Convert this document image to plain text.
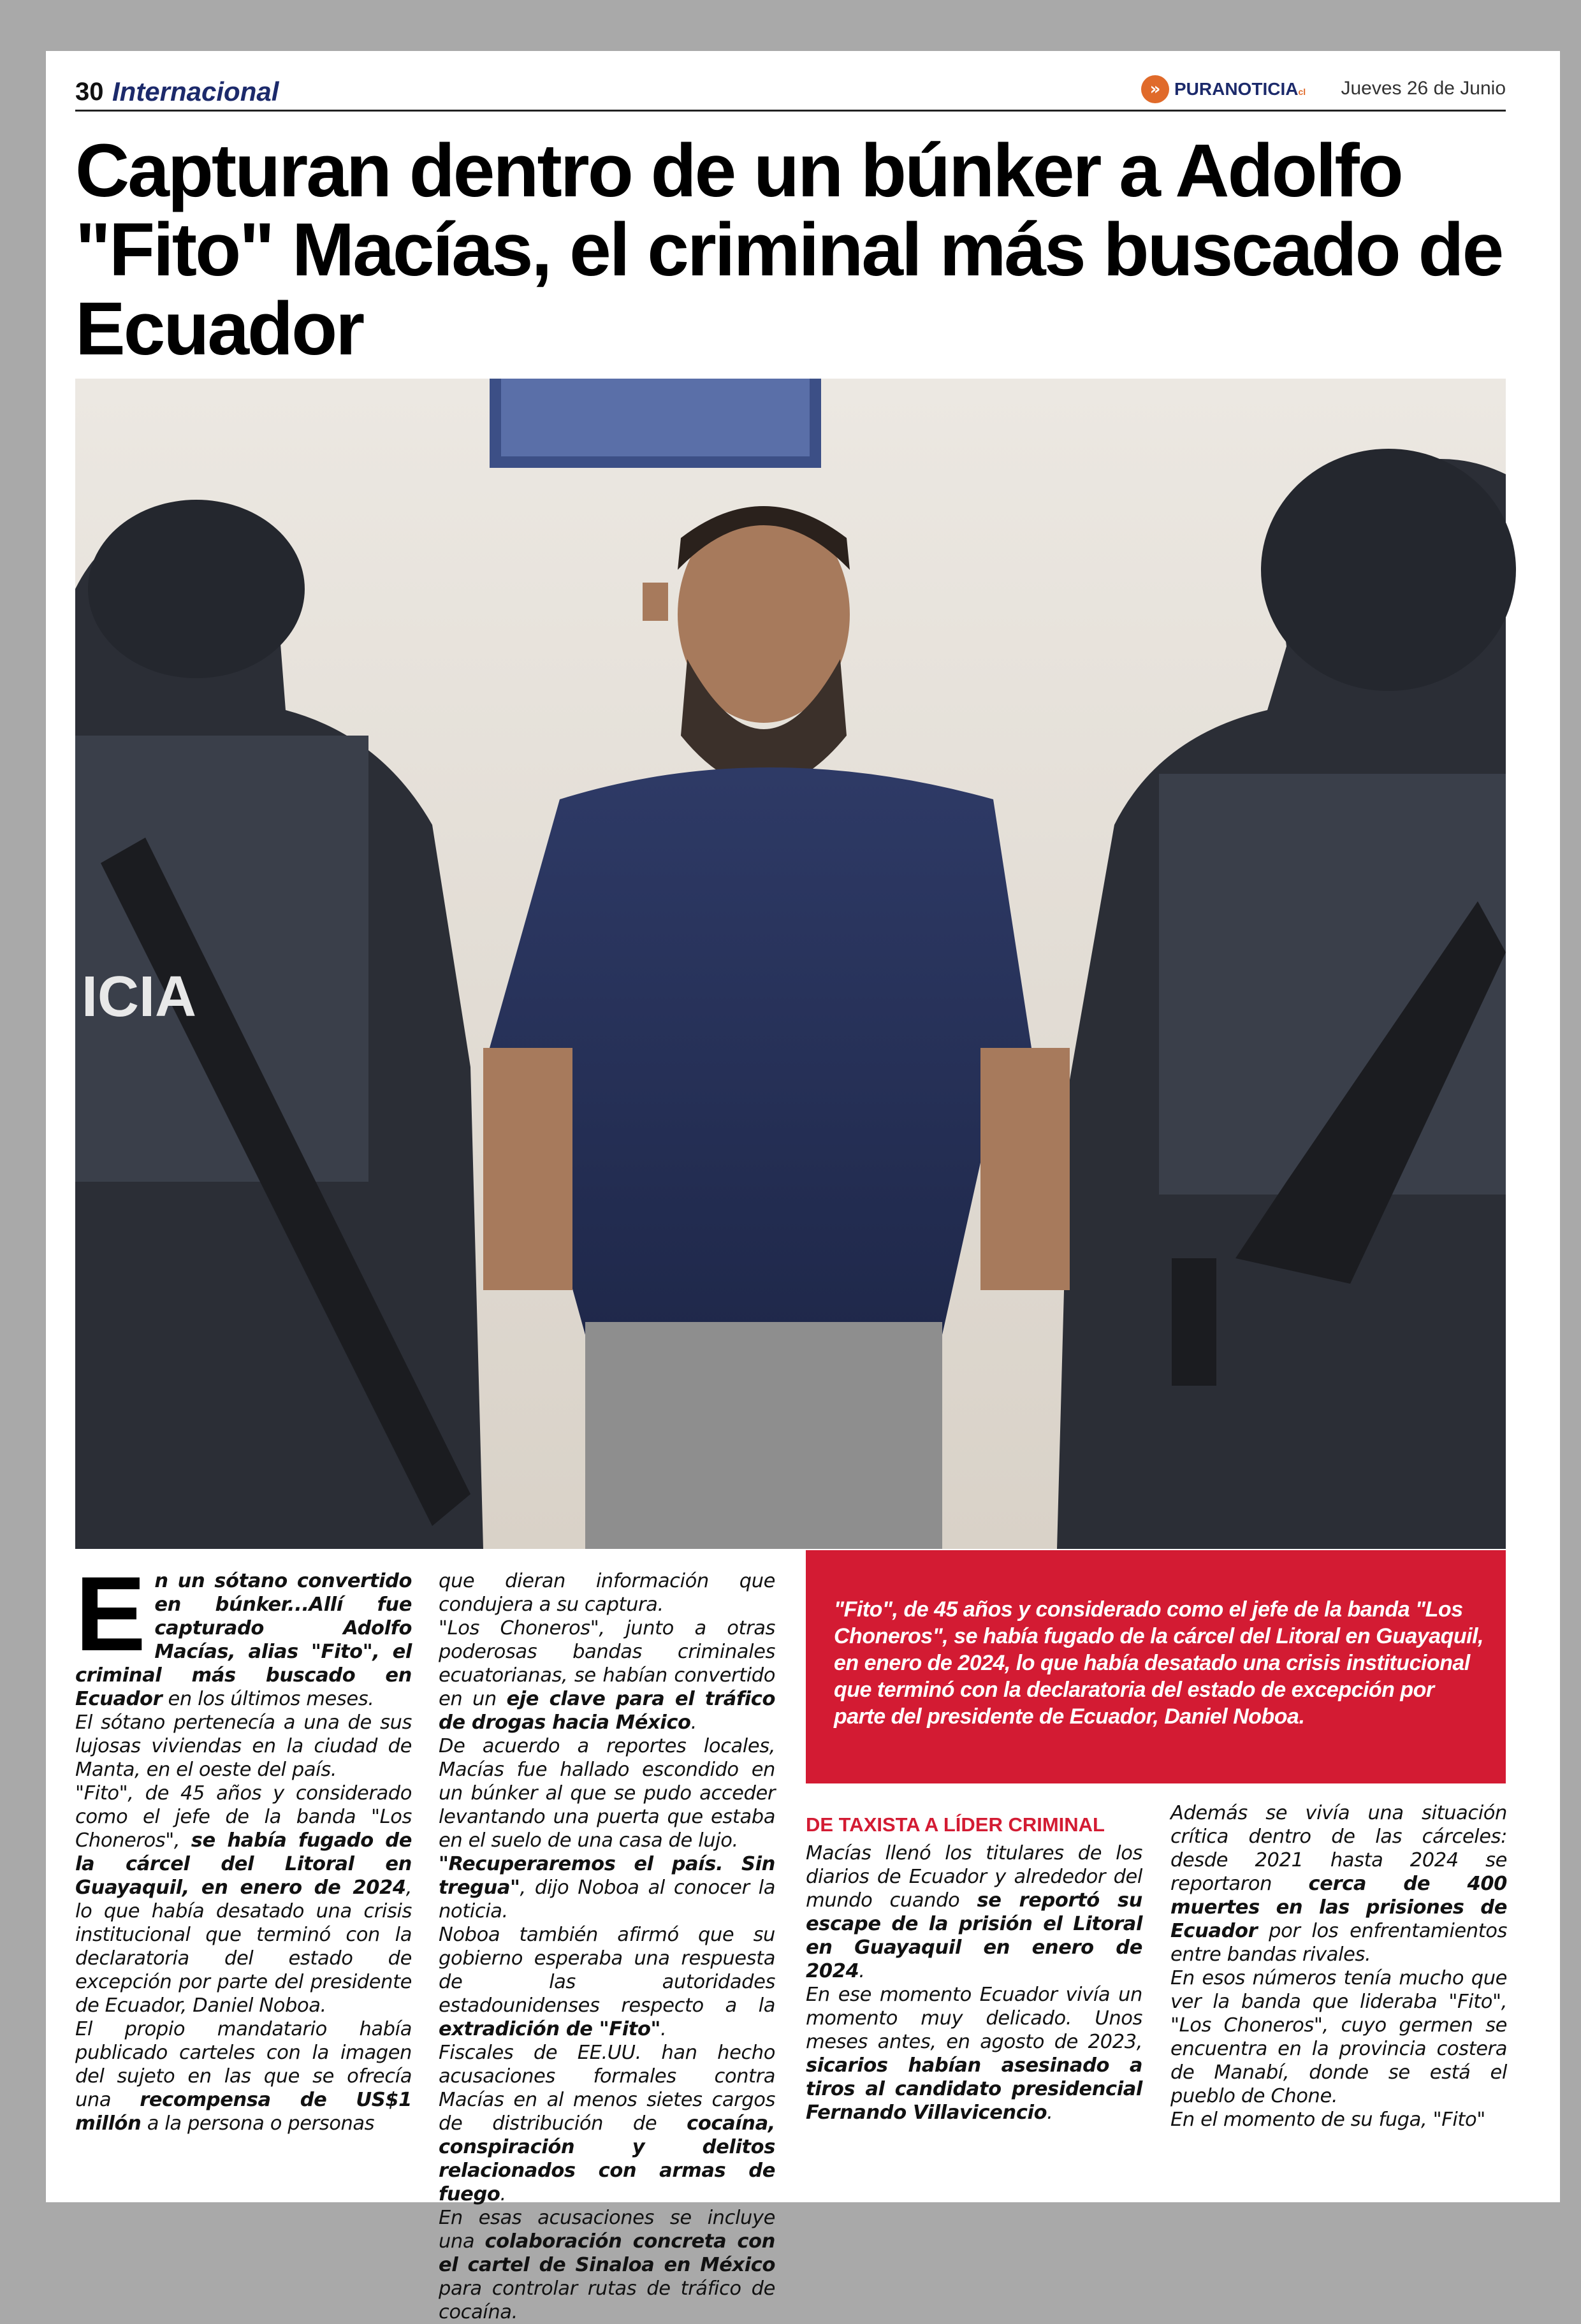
30 Internacional	» PURANOTICIAcl Jueves 26 de Junio
Capturan dentro de un búnker a Adolfo "Fito" Macías, el criminal más buscado de Ecuador
ICIA
E n un sótano convertido en búnker...Allí fue capturado Adolfo Macías, alias "Fito", el criminal más buscado en Ecuador en los últimos meses.

El sótano pertenecía a una de sus lujosas viviendas en la ciudad de Manta, en el oeste del país.

"Fito", de 45 años y considerado como el jefe de la banda "Los Choneros", se había fugado de la cárcel del Litoral en Guayaquil, en enero de 2024, lo que había desatado una crisis institucional que terminó con la declaratoria del estado de excepción por parte del presidente de Ecuador, Daniel Noboa.

El propio mandatario había publicado carteles con la imagen del sujeto en las que se ofrecía una recompensa de US$1 millón a la persona o personas

que dieran información que condujera a su captura.

"Los Choneros", junto a otras poderosas bandas criminales ecuatorianas, se habían convertido en un eje clave para el tráfico de drogas hacia México.

De acuerdo a reportes locales, Macías fue hallado escondido en un búnker al que se pudo acceder levantando una puerta que estaba en el suelo de una casa de lujo.

"Recuperaremos el país. Sin tregua", dijo Noboa al conocer la noticia.

Noboa también afirmó que su gobierno esperaba una respuesta de las autoridades estadounidenses respecto a la extradición de "Fito".

Fiscales de EE.UU. han hecho acusaciones formales contra Macías en al menos sietes cargos de distribución de cocaína, conspiración y delitos relacionados con armas de fuego.

En esas acusaciones se incluye una colaboración concreta con el cartel de Sinaloa en México para controlar rutas de tráfico de cocaína.

"Fito", de 45 años y considerado como el jefe de la banda "Los Choneros", se había fugado de la cárcel del Litoral en Guayaquil, en enero de 2024, lo que había desatado una crisis institucional que terminó con la declaratoria del estado de excepción por parte del presidente de Ecuador, Daniel Noboa.

DE TAXISTA A LÍDER CRIMINAL

Macías llenó los titulares de los diarios de Ecuador y alrededor del mundo cuando se reportó su escape de la prisión el Litoral en Guayaquil en enero de 2024.

En ese momento Ecuador vivía un momento muy delicado. Unos meses antes, en agosto de 2023, sicarios habían asesinado a tiros al candidato presidencial Fernando Villavicencio.

Además se vivía una situación crítica dentro de las cárceles: desde 2021 hasta 2024 se reportaron cerca de 400 muertes en las prisiones de Ecuador por los enfrentamientos entre bandas rivales.

En esos números tenía mucho que ver la banda que lideraba "Fito", "Los Choneros", cuyo germen se encuentra en la provincia costera de Manabí, donde se está el pueblo de Chone.

En el momento de su fuga, "Fito"
